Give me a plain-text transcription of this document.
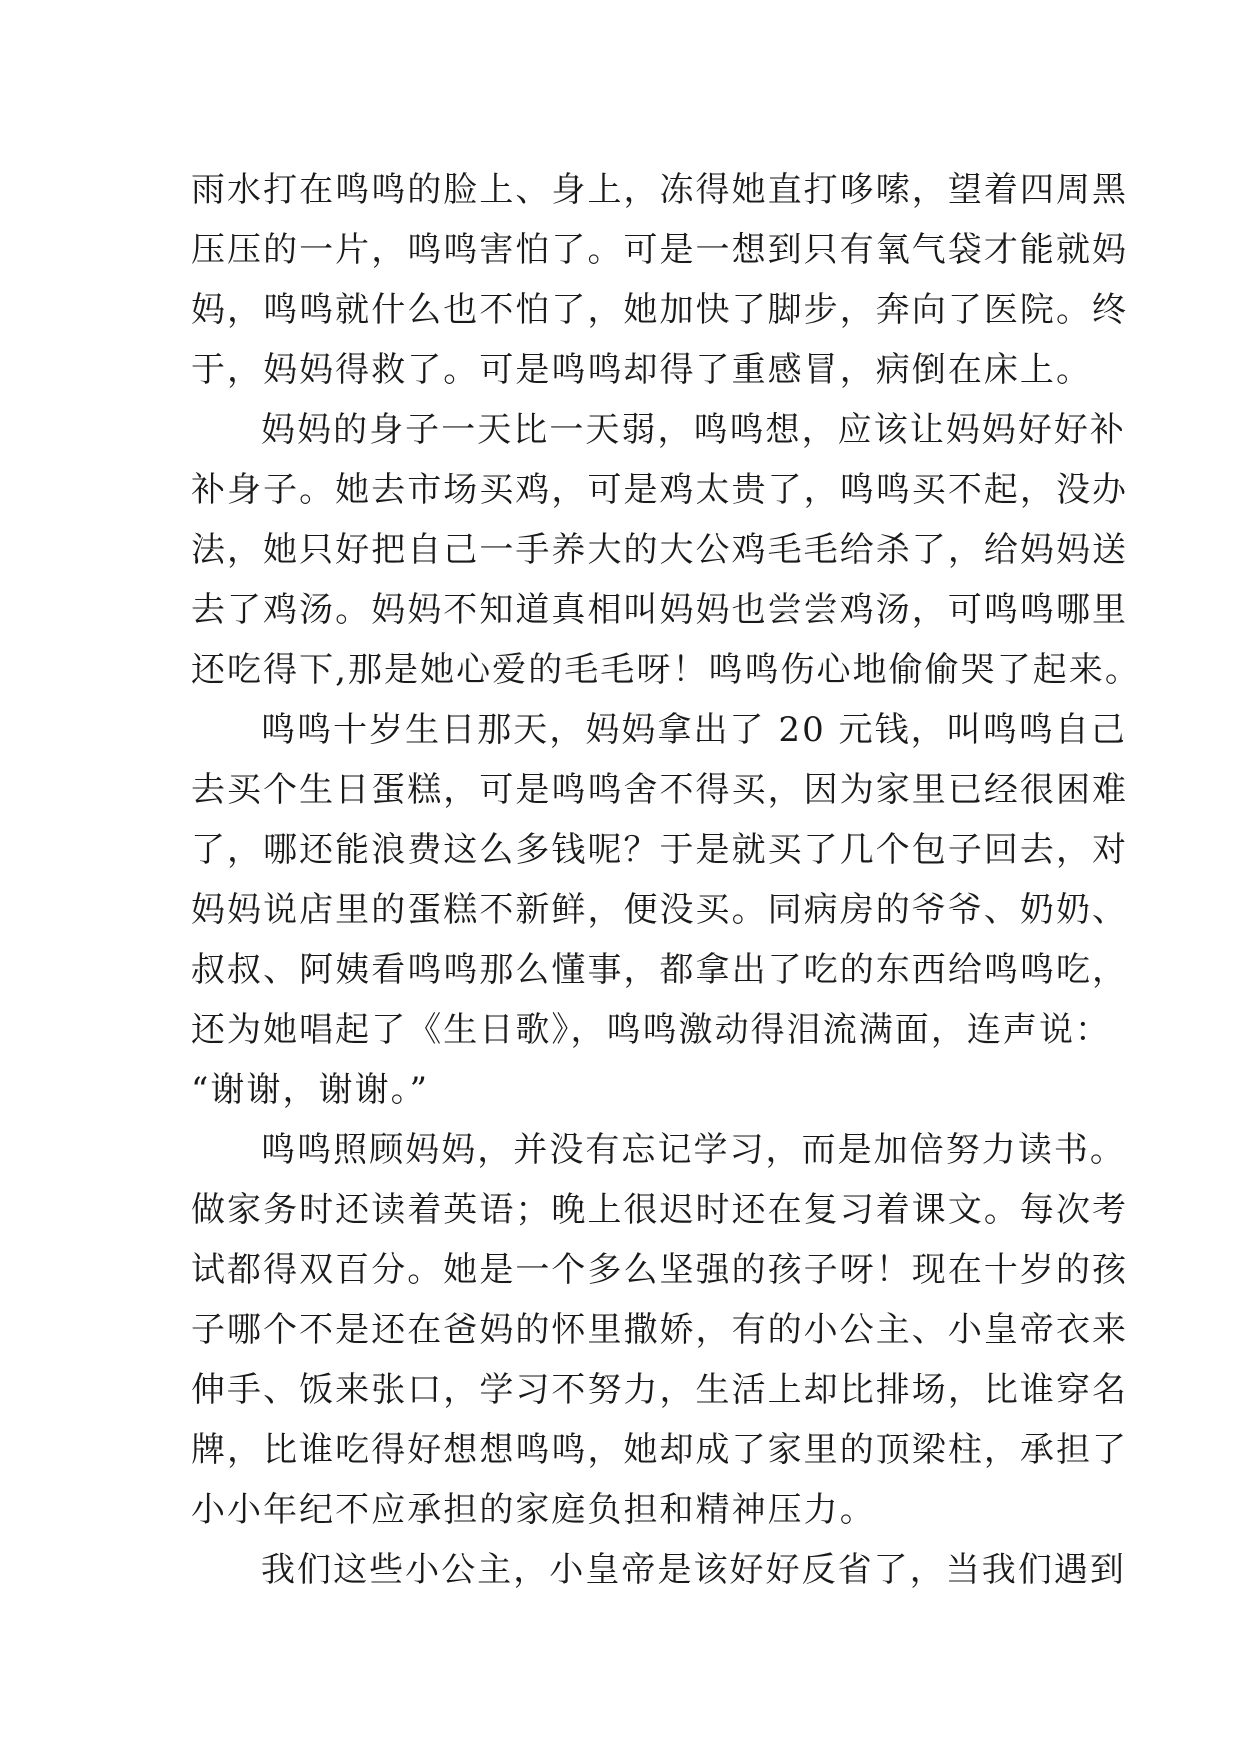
雨水打在鸣鸣的脸上、身上，冻得她直打哆嗦，望着四周黑
压压的一片，鸣鸣害怕了。可是一想到只有氧气袋才能就妈
妈，鸣鸣就什么也不怕了，她加快了脚步，奔向了医院。终
于，妈妈得救了。可是鸣鸣却得了重感冒，病倒在床上。
妈妈的身子一天比一天弱，鸣鸣想，应该让妈妈好好补
补身子。她去市场买鸡，可是鸡太贵了，鸣鸣买不起，没办
法，她只好把自己一手养大的大公鸡毛毛给杀了，给妈妈送
去了鸡汤。妈妈不知道真相叫妈妈也尝尝鸡汤，可鸣鸣哪里
还吃得下,那是她心爱的毛毛呀！鸣鸣伤心地偷偷哭了起来。
鸣鸣十岁生日那天，妈妈拿出了 20 元钱，叫鸣鸣自己
去买个生日蛋糕，可是鸣鸣舍不得买，因为家里已经很困难
了，哪还能浪费这么多钱呢？于是就买了几个包子回去，对
妈妈说店里的蛋糕不新鲜，便没买。同病房的爷爷、奶奶、
叔叔、阿姨看鸣鸣那么懂事，都拿出了吃的东西给鸣鸣吃，
还为她唱起了《生日歌》，鸣鸣激动得泪流满面，连声说：
“谢谢，谢谢。”
鸣鸣照顾妈妈，并没有忘记学习，而是加倍努力读书。
做家务时还读着英语；晚上很迟时还在复习着课文。每次考
试都得双百分。她是一个多么坚强的孩子呀！现在十岁的孩
子哪个不是还在爸妈的怀里撒娇，有的小公主、小皇帝衣来
伸手、饭来张口，学习不努力，生活上却比排场，比谁穿名
牌，比谁吃得好想想鸣鸣，她却成了家里的顶梁柱，承担了
小小年纪不应承担的家庭负担和精神压力。
我们这些小公主，小皇帝是该好好反省了，当我们遇到
